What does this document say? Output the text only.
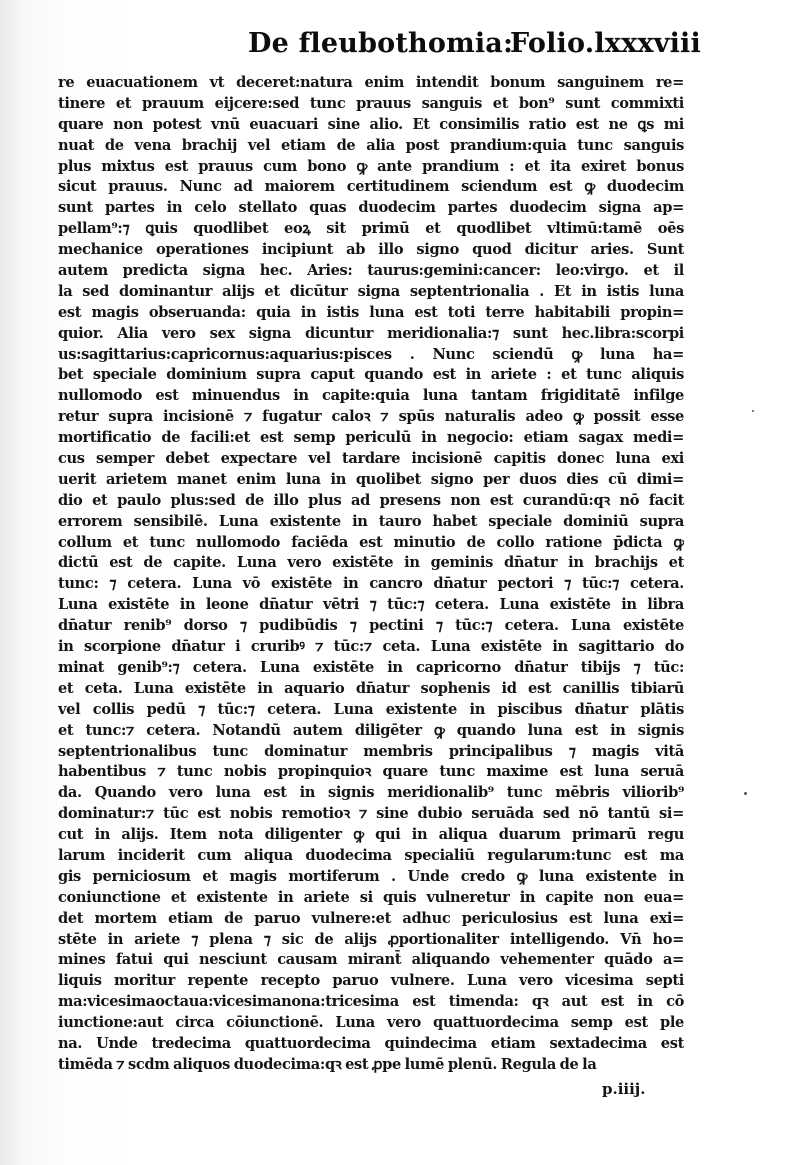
De fleubothomia:
Folio.lxxxviii
re euacuationem vt deceret:natura enim intendit bonum sanguinem re=
tinere et prauum eijcere:sed tunc prauus sanguis et bon⁹ sunt commixti
quare non potest vnū euacuari sine alio. Et consimilis ratio est ne ꝗs mi
nuat de vena brachij vel etiam de alia post prandium:quia tunc sanguis
plus mixtus est prauus cum bono ꝙ ante prandium : et ita exiret bonus
sicut prauus. Nunc ad maiorem certitudinem sciendum est ꝙ duodecim
sunt partes in celo stellato quas duodecim partes duodecim signa ap=
pellam⁹:⁊ ꝗuis quodlibet eoꝝ sit primū et quodlibet vltimū:tamē oēs
mechanice operationes incipiunt ab illo signo quod dicitur aries. Sunt
autem predicta signa hec. Aries: taurus:gemini:cancer: leo:virgo. et il
la sed dominantur alijs et dicūtur signa septentrionalia . Et in istis luna
est magis obseruanda: quia in istis luna est toti terre habitabili propin=
quior. Alia vero sex signa dicuntur meridionalia:⁊ sunt hec.libra:scorpi
us:sagittarius:capricornus:aquarius:pisces . Nunc sciendū ꝙ luna ha=
bet speciale dominium supra caput quando est in ariete : et tunc aliquis
nullomodo est minuendus in capite:quia luna tantam frigiditatē infilge
retur supra incisionē ⁊ fugatur caloꝛ ⁊ spūs naturalis adeo ꝙ possit esse
mortificatio de facili:et est semp periculū in negocio: etiam sagax medi=
cus semper debet expectare vel tardare incisionē capitis donec luna exi
uerit arietem manet enim luna in quolibet signo per duos dies cū dimi=
dio et paulo plus:sed de illo plus ad presens non est curandū:qꝛ nō facit
errorem sensibilē. Luna existente in tauro habet speciale dominiū supra
collum et tunc nullomodo faciēda est minutio de collo ratione p̄dicta ꝙ
dictū est de capite. Luna vero existēte in geminis dn̄atur in brachijs et
tunc: ⁊ cetera. Luna vō existēte in cancro dn̄atur pectori ⁊ tūc:⁊ cetera.
Luna existēte in leone dn̄atur vētri ⁊ tūc:⁊ cetera. Luna existēte in libra
dn̄atur renib⁹ dorso ⁊ pudibūdis ⁊ pectini ⁊ tūc:⁊ cetera. Luna existēte
in scorpione dn̄atur i cruribꝰ ⁊ tūc:⁊ ceta. Luna existēte in sagittario do
minat genib⁹:⁊ cetera. Luna existēte in capricorno dn̄atur tibijs ⁊ tūc:
et ceta. Luna existēte in aquario dn̄atur sophenis id est canillis tibiarū
vel collis pedū ⁊ tūc:⁊ cetera. Luna existente in piscibus dn̄atur plātis
et tunc:⁊ cetera. Notandū autem diligēter ꝙ quando luna est in signis
septentrionalibus tunc dominatur membris principalibus ⁊ magis vitā
habentibus ⁊ tunc nobis propinquioꝛ quare tunc maxime est luna seruā
da. Quando vero luna est in signis meridionalib⁹ tunc mēbris viliorib⁹
dominatur:⁊ tūc est nobis remotioꝛ ⁊ sine dubio seruāda sed nō tantū si=
cut in alijs. Item nota diligenter ꝙ qui in aliqua duarum primarū regu
larum inciderit cum aliqua duodecima specialiū regularum:tunc est ma
gis perniciosum et magis mortiferum . Unde credo ꝙ luna existente in
coniunctione et existente in ariete si quis vulneretur in capite non eua=
det mortem etiam de paruo vulnere:et adhuc periculosius est luna exi=
stēte in ariete ⁊ plena ⁊ sic de alijs ꝓportionaliter intelligendo. Vn̄ ho=
mines fatui qui nesciunt causam mirant̄ aliquando vehementer quādo a=
liquis moritur repente recepto paruo vulnere. Luna vero vicesima septi
ma:vicesimaoctaua:vicesimanona:tricesima est timenda: qꝛ aut est in cō
iunctione:aut circa cōiunctionē. Luna vero quattuordecima semp est ple
na. Unde tredecima quattuordecima quindecima etiam sextadecima est
timēda ⁊ scdm aliquos duodecima:qꝛ est ꝓpe lumē plenū. Regula de la
p.iiij.
